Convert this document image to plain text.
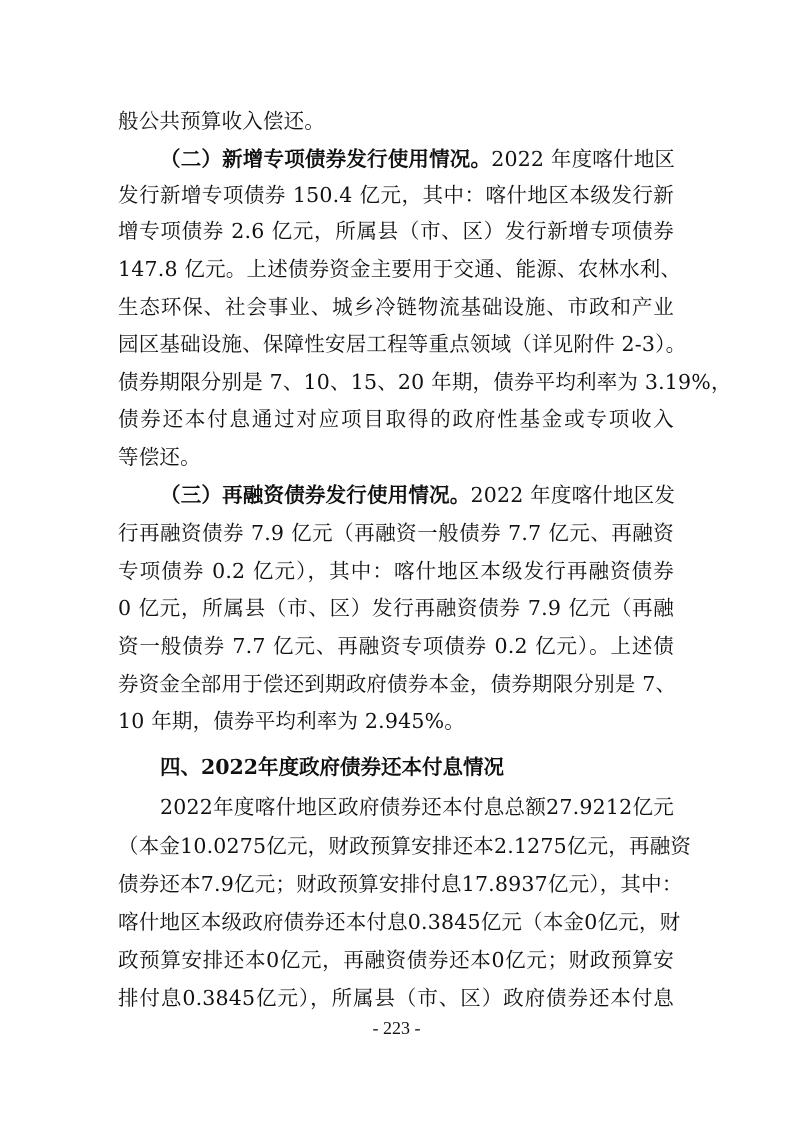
般公共预算收入偿还。
（二）新增专项债券发行使用情况。2022 年度喀什地区
发行新增专项债券 150.4 亿元，其中：喀什地区本级发行新
增专项债券 2.6 亿元，所属县（市、区）发行新增专项债券
147.8 亿元。上述债券资金主要用于交通、能源、农林水利、
生态环保、社会事业、城乡冷链物流基础设施、市政和产业
园区基础设施、保障性安居工程等重点领域（详见附件 2-3）。
债券期限分别是 7、10、15、20 年期，债券平均利率为 3.19%，
债券还本付息通过对应项目取得的政府性基金或专项收入
等偿还。
（三）再融资债券发行使用情况。2022 年度喀什地区发
行再融资债券 7.9 亿元（再融资一般债券 7.7 亿元、再融资
专项债券 0.2 亿元），其中：喀什地区本级发行再融资债券
0 亿元，所属县（市、区）发行再融资债券 7.9 亿元（再融
资一般债券 7.7 亿元、再融资专项债券 0.2 亿元）。上述债
券资金全部用于偿还到期政府债券本金，债券期限分别是 7、
10 年期，债券平均利率为 2.945%。
四、2022年度政府债券还本付息情况
2022年度喀什地区政府债券还本付息总额27.9212亿元
（本金10.0275亿元，财政预算安排还本2.1275亿元，再融资
债券还本7.9亿元；财政预算安排付息17.8937亿元），其中：
喀什地区本级政府债券还本付息0.3845亿元（本金0亿元，财
政预算安排还本0亿元，再融资债券还本0亿元；财政预算安
排付息0.3845亿元），所属县（市、区）政府债券还本付息
- 223 -
